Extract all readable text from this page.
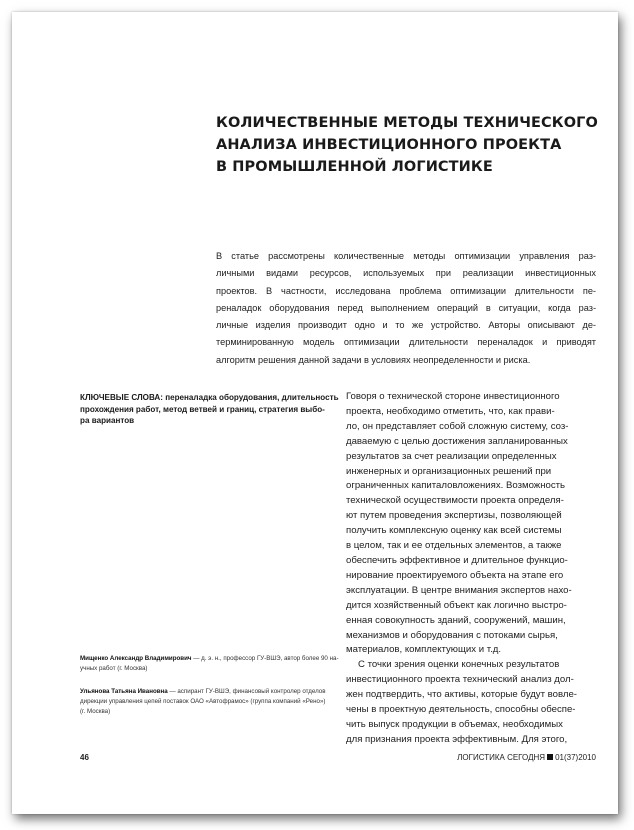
КОЛИЧЕСТВЕННЫЕ МЕТОДЫ ТЕХНИЧЕСКОГО
АНАЛИЗА ИНВЕСТИЦИОННОГО ПРОЕКТА
В ПРОМЫШЛЕННОЙ ЛОГИСТИКЕ
В статье рассмотрены количественные методы оптимизации управления раз-
личными видами ресурсов, используемых при реализации инвестиционных
проектов. В частности, исследована проблема оптимизации длительности пе-
реналадок оборудования перед выполнением операций в ситуации, когда раз-
личные изделия производит одно и то же устройство. Авторы описывают де-
терминированную модель оптимизации длительности переналадок и приводят
алгоритм решения данной задачи в условиях неопределенности и риска.
КЛЮЧЕВЫЕ СЛОВА: переналадка оборудования, длительность
прохождения работ, метод ветвей и границ, стратегия выбо-
ра вариантов
Говоря о технической стороне инвестиционного
проекта, необходимо отметить, что, как прави-
ло, он представляет собой сложную систему, соз-
даваемую с целью достижения запланированных
результатов за счет реализации определенных
инженерных и организационных решений при
ограниченных капиталовложениях. Возможность
технической осуществимости проекта определя-
ют путем проведения экспертизы, позволяющей
получить комплексную оценку как всей системы
в целом, так и ее отдельных элементов, а также
обеспечить эффективное и длительное функцио-
нирование проектируемого объекта на этапе его
эксплуатации. В центре внимания экспертов нахо-
дится хозяйственный объект как логично выстро-
енная совокупность зданий, сооружений, машин,
механизмов и оборудования с потоками сырья,
материалов, комплектующих и т.д.
С точки зрения оценки конечных результатов
инвестиционного проекта технический анализ дол-
жен подтвердить, что активы, которые будут вовле-
чены в проектную деятельность, способны обеспе-
чить выпуск продукции в объемах, необходимых
для признания проекта эффективным. Для этого,
Мищенко Александр Владимирович — д. э. н., профессор ГУ-ВШЭ, автор более 90 на-
учных работ (г. Москва)
Ульянова Татьяна Ивановна — аспирант ГУ-ВШЭ, финансовый контролер отделов
дирекции управления цепей поставок ОАО «Автофрамос» (группа компаний «Рено»)
(г. Москва)
46	ЛОГИСТИКА СЕГОДНЯ 01(37)2010
